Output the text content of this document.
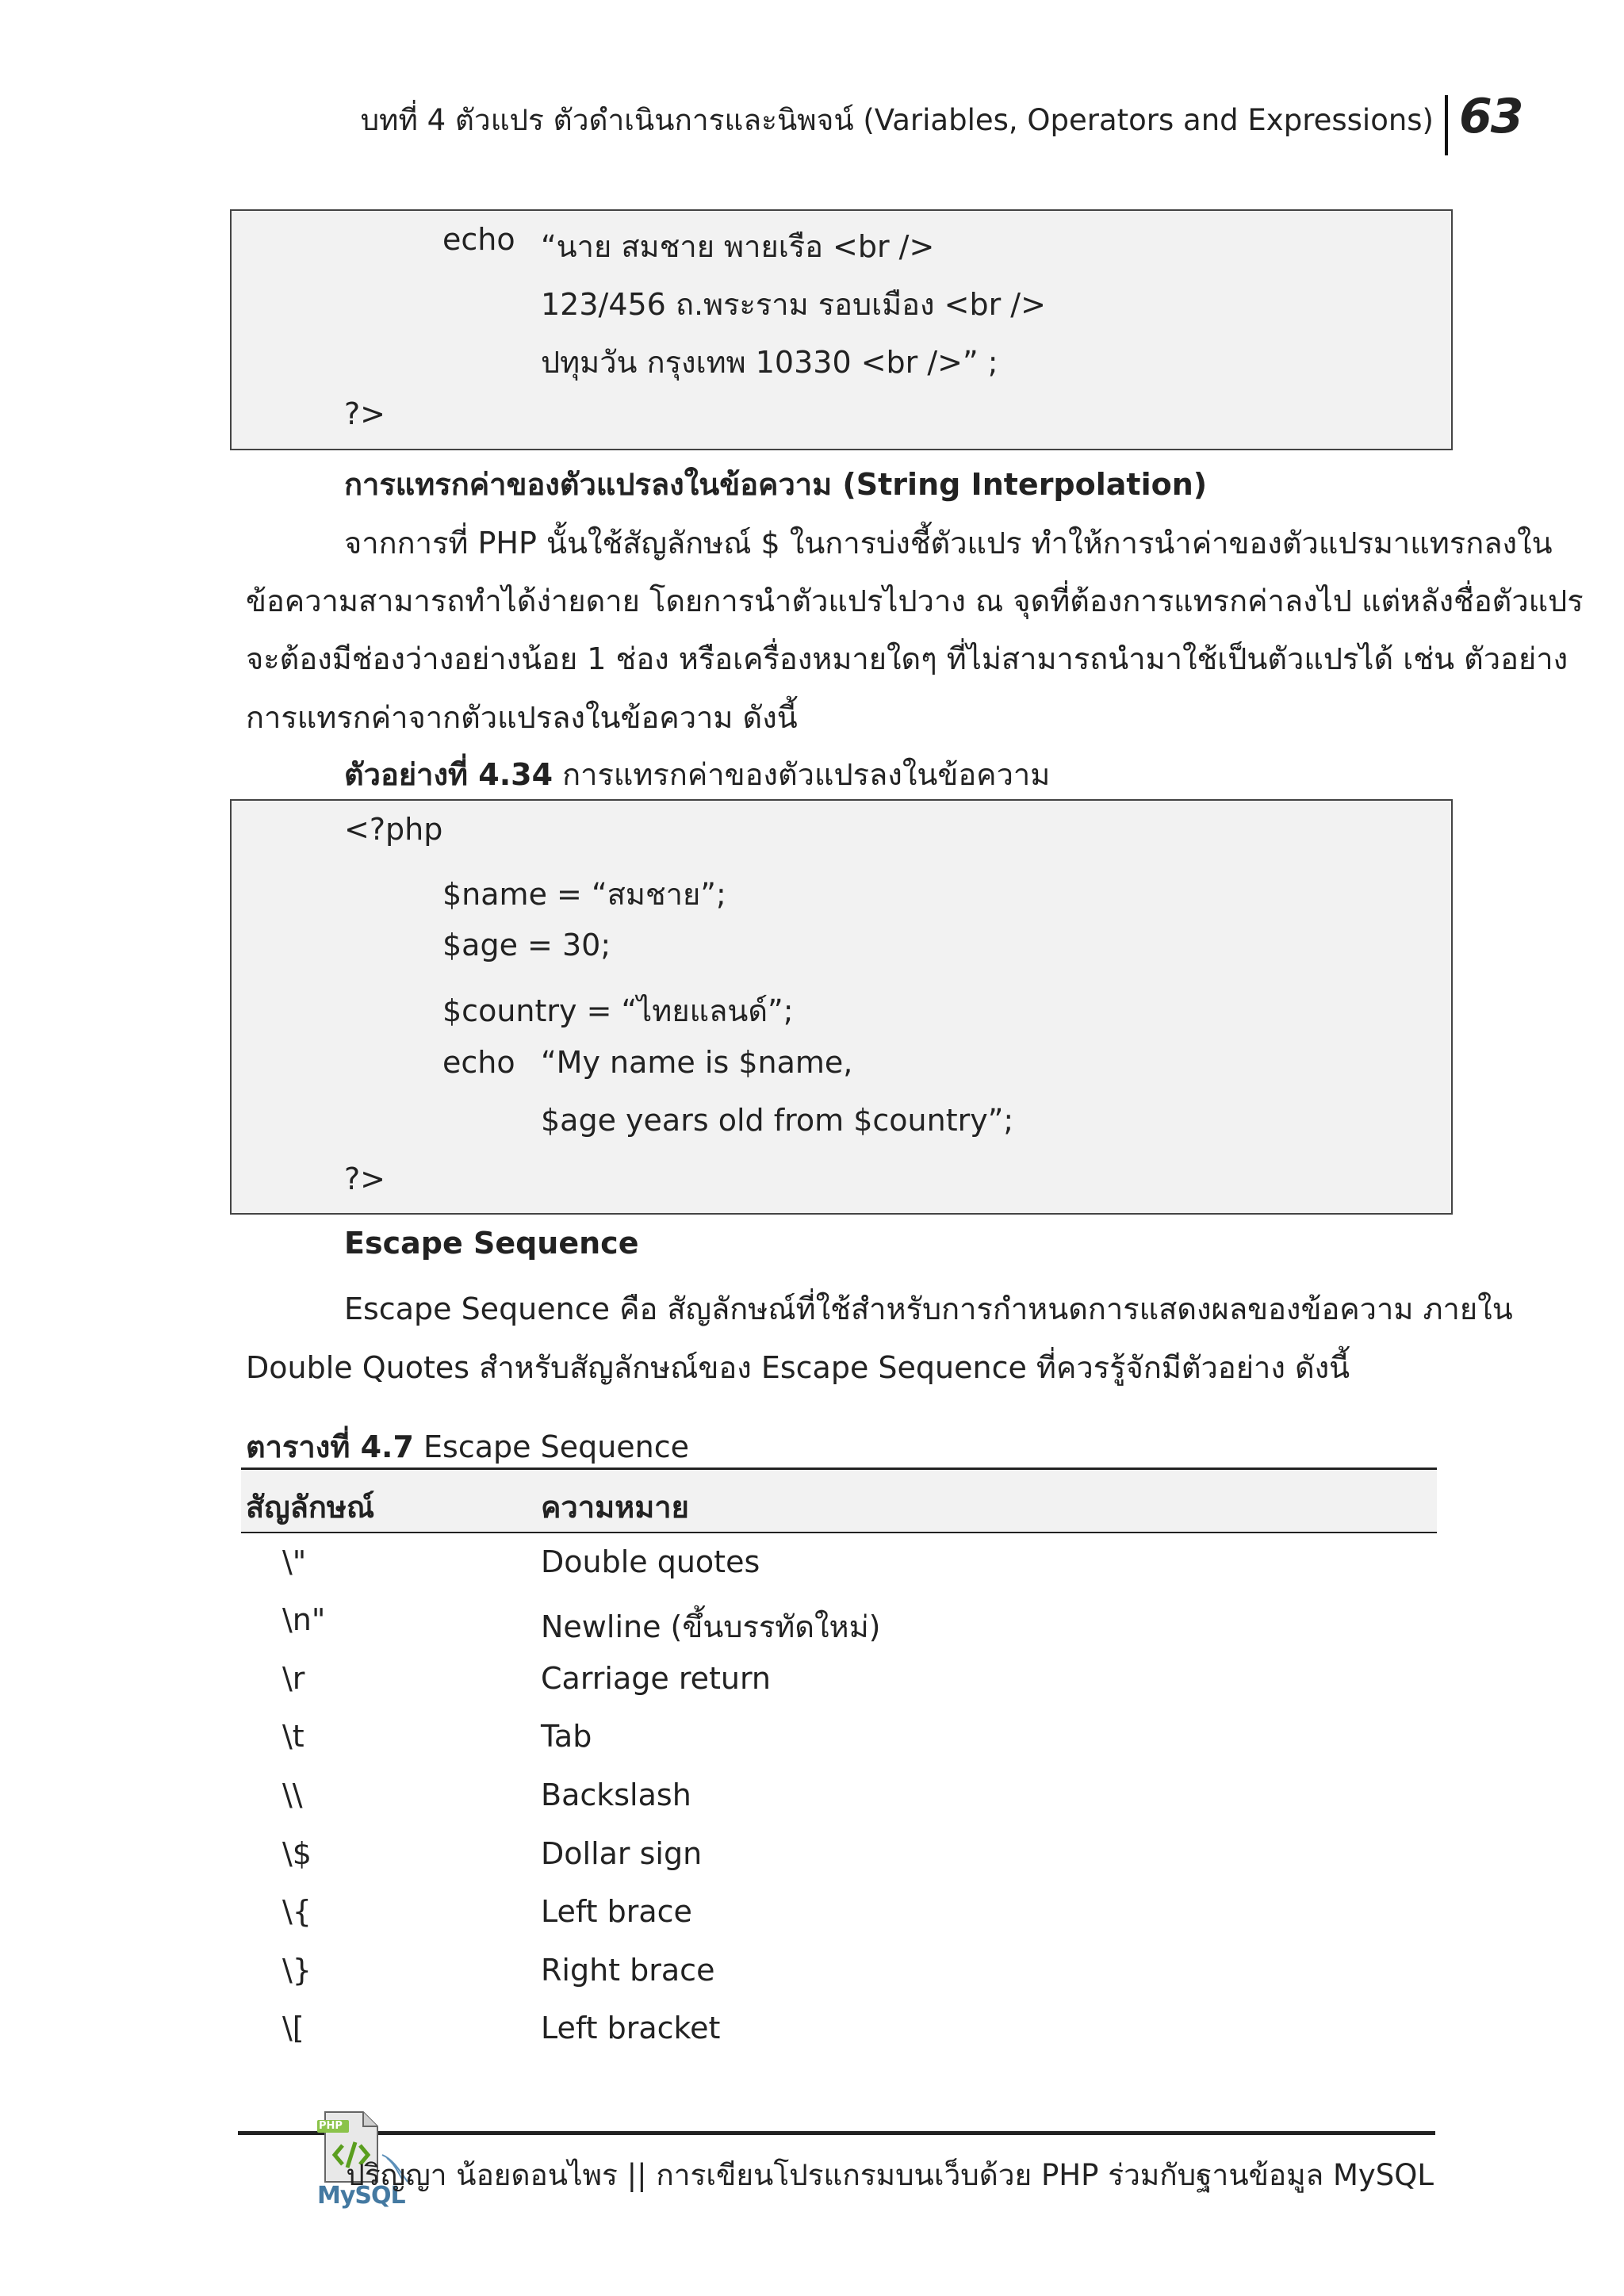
บทที่ 4 ตัวแปร ตัวดำเนินการและนิพจน์ (Variables, Operators and Expressions) 63
echo “นาย สมชาย พายเรือ <br />
123/456 ถ.พระราม รอบเมือง <br />
ปทุมวัน กรุงเทพ 10330 <br />” ;
?>
การแทรกค่าของตัวแปรลงในข้อความ (String Interpolation)
จากการที่ PHP นั้นใช้สัญลักษณ์ $ ในการบ่งชี้ตัวแปร ทำให้การนำค่าของตัวแปรมาแทรกลงใน
ข้อความสามารถทำได้ง่ายดาย โดยการนำตัวแปรไปวาง ณ จุดที่ต้องการแทรกค่าลงไป แต่หลังชื่อตัวแปร
จะต้องมีช่องว่างอย่างน้อย 1 ช่อง หรือเครื่องหมายใดๆ ที่ไม่สามารถนำมาใช้เป็นตัวแปรได้ เช่น ตัวอย่าง
การแทรกค่าจากตัวแปรลงในข้อความ ดังนี้
ตัวอย่างที่ 4.34 การแทรกค่าของตัวแปรลงในข้อความ
<?php
$name = “สมชาย”;
$age = 30;
$country = “ไทยแลนด์”;
echo “My name is $name,
$age years old from $country”;
?>
Escape Sequence
Escape Sequence คือ สัญลักษณ์ที่ใช้สำหรับการกำหนดการแสดงผลของข้อความ ภายใน
Double Quotes สำหรับสัญลักษณ์ของ Escape Sequence ที่ควรรู้จักมีตัวอย่าง ดังนี้
ตารางที่ 4.7 Escape Sequence
สัญลักษณ์	ความหมาย
\"	Double quotes
\n"	Newline (ขึ้นบรรทัดใหม่)
\r	Carriage return
\t	Tab
\\	Backslash
\$	Dollar sign
\{	Left brace
\}	Right brace
\[	Left bracket
PHP
MySQL
ปริญญา น้อยดอนไพร || การเขียนโปรแกรมบนเว็บด้วย PHP ร่วมกับฐานข้อมูล MySQL
